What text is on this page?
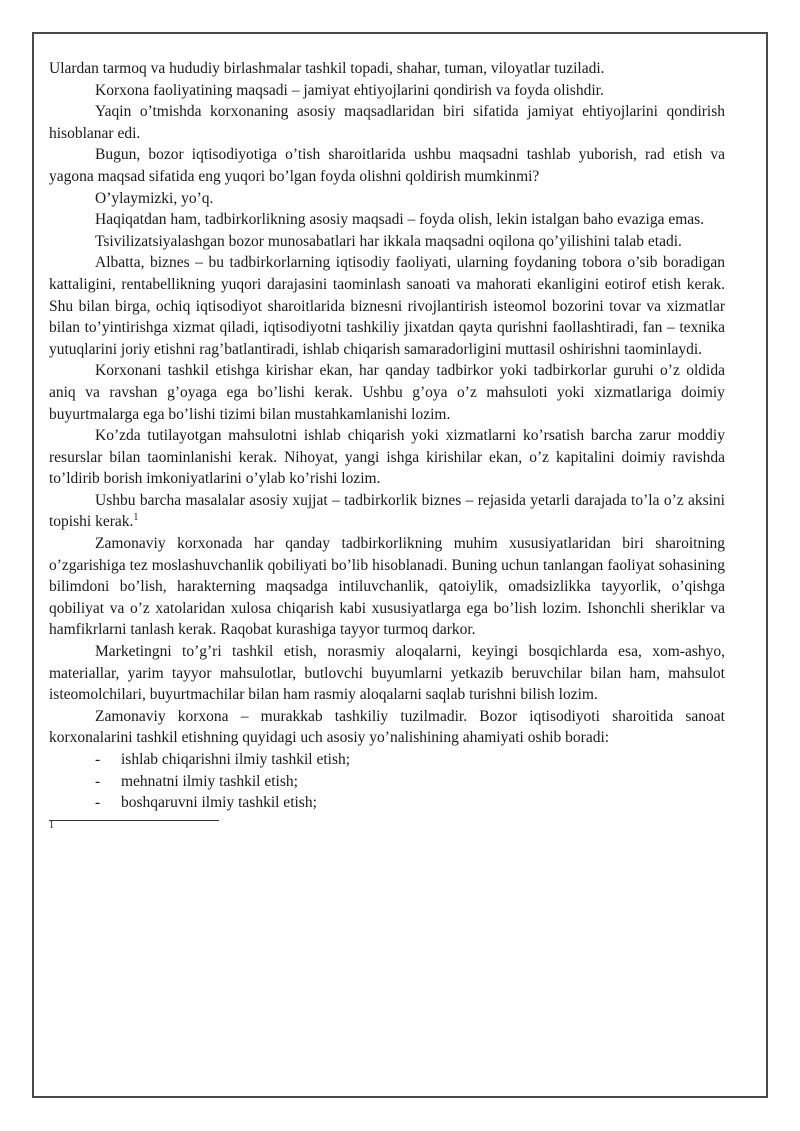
Ulardan tarmoq va hududiy birlashmalar tashkil topadi, shahar, tuman, viloyatlar tuziladi.

Korxona faoliyatining maqsadi – jamiyat ehtiyojlarini qondirish va foyda olishdir.

Yaqin o’tmishda korxonaning asosiy maqsadlaridan biri sifatida jamiyat ehtiyojlarini qondirish hisoblanar edi.

Bugun, bozor iqtisodiyotiga o’tish sharoitlarida ushbu maqsadni tashlab yuborish, rad etish va yagona maqsad sifatida eng yuqori bo’lgan foyda olishni qoldirish mumkinmi?

O’ylaymizki, yo’q.

Haqiqatdan ham, tadbirkorlikning asosiy maqsadi – foyda olish, lekin istalgan baho evaziga emas.

Tsivilizatsiyalashgan bozor munosabatlari har ikkala maqsadni oqilona qo’yilishini talab etadi.

Albatta, biznes – bu tadbirkorlarning iqtisodiy faoliyati, ularning foydaning tobora o’sib boradigan kattaligini, rentabellikning yuqori darajasini taominlash sanoati va mahorati ekanligini eotirof etish kerak. Shu bilan birga, ochiq iqtisodiyot sharoitlarida biznesni rivojlantirish isteomol bozorini tovar va xizmatlar bilan to’yintirishga xizmat qiladi, iqtisodiyotni tashkiliy jixatdan qayta qurishni faollashtiradi, fan – texnika yutuqlarini joriy etishni rag’batlantiradi, ishlab chiqarish samaradorligini muttasil oshirishni taominlaydi.

Korxonani tashkil etishga kirishar ekan, har qanday tadbirkor yoki tadbirkorlar guruhi o’z oldida aniq va ravshan g’oyaga ega bo’lishi kerak. Ushbu g’oya o’z mahsuloti yoki xizmatlariga doimiy buyurtmalarga ega bo’lishi tizimi bilan mustahkamlanishi lozim.

Ko’zda tutilayotgan mahsulotni ishlab chiqarish yoki xizmatlarni ko’rsatish barcha zarur moddiy resurslar bilan taominlanishi kerak. Nihoyat, yangi ishga kirishilar ekan, o’z kapitalini doimiy ravishda to’ldirib borish imkoniyatlarini o’ylab ko’rishi lozim.

Ushbu barcha masalalar asosiy xujjat – tadbirkorlik biznes – rejasida yetarli darajada to’la o’z aksini topishi kerak.$^1$

Zamonaviy korxonada har qanday tadbirkorlikning muhim xususiyatlaridan biri sharoitning o’zgarishiga tez moslashuvchanlik qobiliyati bo’lib hisoblanadi. Buning uchun tanlangan faoliyat sohasining bilimdoni bo’lish, harakterning maqsadga intiluvchanlik, qatoiylik, omadsizlikka tayyorlik, o’qishga qobiliyat va o’z xatolaridan xulosa chiqarish kabi xususiyatlarga ega bo’lish lozim. Ishonchli sheriklar va hamfikrlarni tanlash kerak. Raqobat kurashiga tayyor turmoq darkor.

Marketingni to’g’ri tashkil etish, norasmiy aloqalarni, keyingi bosqichlarda esa, xom-ashyo, materiallar, yarim tayyor mahsulotlar, butlovchi buyumlarni yetkazib beruvchilar bilan ham, mahsulot isteomolchilari, buyurtmachilar bilan ham rasmiy aloqalarni saqlab turishni bilish lozim.

Zamonaviy korxona – murakkab tashkiliy tuzilmadir. Bozor iqtisodiyoti sharoitida sanoat korxonalarini tashkil etishning quyidagi uch asosiy yo’nalishining ahamiyati oshib boradi:

- ishlab chiqarishni ilmiy tashkil etish;
- mehnatni ilmiy tashkil etish;
- boshqaruvni ilmiy tashkil etish;
$^1$
